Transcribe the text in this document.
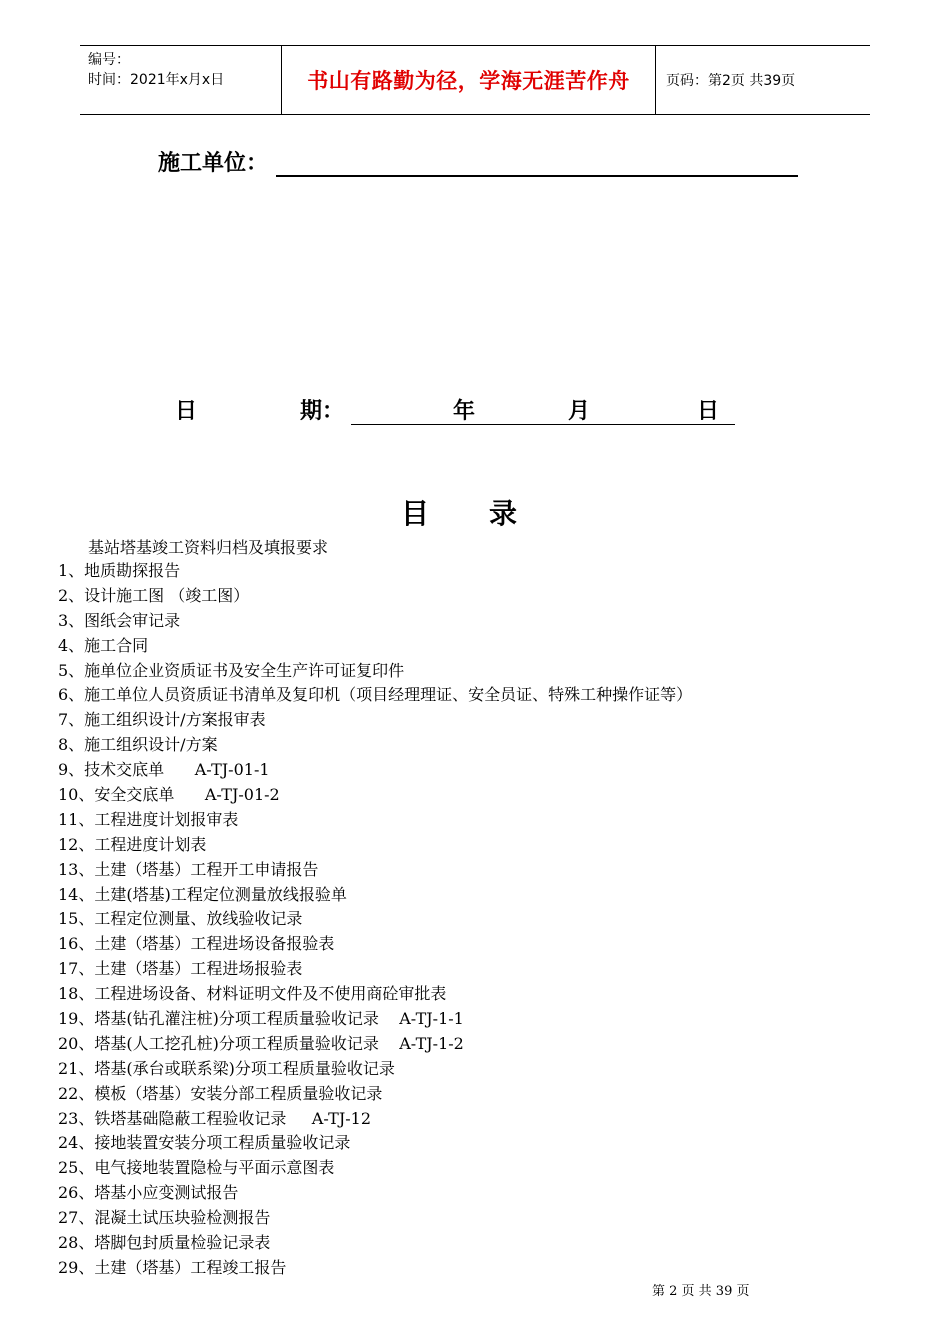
编号：
时间：2021年x月x日	书山有路勤为径，学海无涯苦作舟	页码：第2页 共39页
施工单位：
日	期：	年	月	日
目 录
基站塔基竣工资料归档及填报要求
1、地质勘探报告
2、设计施工图 （竣工图）
3、图纸会审记录
4、施工合同
5、施单位企业资质证书及安全生产许可证复印件
6、施工单位人员资质证书清单及复印机（项目经理理证、安全员证、特殊工种操作证等）
7、施工组织设计/方案报审表
8、施工组织设计/方案
9、技术交底单      A-TJ-01-1
10、安全交底单      A-TJ-01-2
11、工程进度计划报审表
12、工程进度计划表
13、土建（塔基）工程开工申请报告
14、土建(塔基)工程定位测量放线报验单
15、工程定位测量、放线验收记录
16、土建（塔基）工程进场设备报验表
17、土建（塔基）工程进场报验表
18、工程进场设备、材料证明文件及不使用商砼审批表
19、塔基(钻孔灌注桩)分项工程质量验收记录    A-TJ-1-1
20、塔基(人工挖孔桩)分项工程质量验收记录    A-TJ-1-2
21、塔基(承台或联系梁)分项工程质量验收记录
22、模板（塔基）安装分部工程质量验收记录
23、铁塔基础隐蔽工程验收记录     A-TJ-12
24、接地装置安装分项工程质量验收记录
25、电气接地装置隐检与平面示意图表
26、塔基小应变测试报告
27、混凝土试压块验检测报告
28、塔脚包封质量检验记录表
29、土建（塔基）工程竣工报告
第 2 页 共 39 页
